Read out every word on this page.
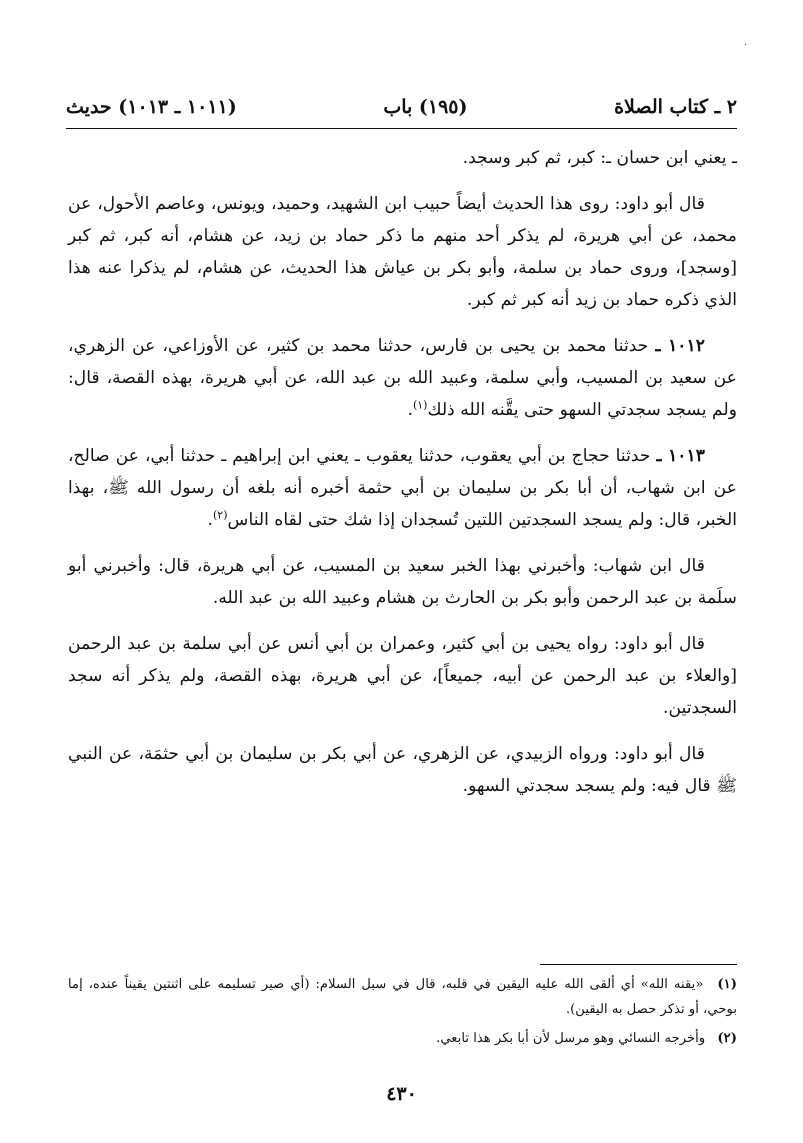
·
٢ ـ كتاب الصلاة
(١٩٥) باب
(١٠١١ ـ ١٠١٣) حديث

ـ يعني ابن حسان ـ: كبر، ثم كبر وسجد.

قال أبو داود: روى هذا الحديث أيضاً حبيب ابن الشهيد، وحميد، ويونس، وعاصم الأحول، عن محمد، عن أبي هريرة، لم يذكر أحد منهم ما ذكر حماد بن زيد، عن هشام، أنه كبر، ثم كبر [وسجد]، وروى حماد بن سلمة، وأبو بكر بن عياش هذا الحديث، عن هشام، لم يذكرا عنه هذا الذي ذكره حماد بن زيد أنه كبر ثم كبر.

١٠١٢ ـ حدثنا محمد بن يحيى بن فارس، حدثنا محمد بن كثير، عن الأوزاعي، عن الزهري، عن سعيد بن المسيب، وأبي سلمة، وعبيد الله بن عبد الله، عن أبي هريرة، بهذه القصة، قال: ولم يسجد سجدتي السهو حتى يقَّنه الله ذلك$^{(١)}$.

١٠١٣ ـ حدثنا حجاج بن أبي يعقوب، حدثنا يعقوب ـ يعني ابن إبراهيم ـ حدثنا أبي، عن صالح، عن ابن شهاب، أن أبا بكر بن سليمان بن أبي حثمة أخبره أنه بلغه أن رسول الله ﷺ، بهذا الخبر، قال: ولم يسجد السجدتين اللتين تُسجدان إذا شك حتى لقاه الناس$^{(٢)}$.

قال ابن شهاب: وأخبرني بهذا الخبر سعيد بن المسيب، عن أبي هريرة، قال: وأخبرني أبو سلَمة بن عبد الرحمن وأبو بكر بن الحارث بن هشام وعبيد الله بن عبد الله.

قال أبو داود: رواه يحيى بن أبي كثير، وعمران بن أبي أنس عن أبي سلمة بن عبد الرحمن [والعلاء بن عبد الرحمن عن أبيه، جميعاً]، عن أبي هريرة، بهذه القصة، ولم يذكر أنه سجد السجدتين.

قال أبو داود: ورواه الزبيدي، عن الزهري، عن أبي بكر بن سليمان بن أبي حثمَة، عن النبي ﷺ قال فيه: ولم يسجد سجدتي السهو.

(١) «يقنه الله» أي ألقى الله عليه اليقين في قلبه، قال في سبل السلام: (أي صير تسليمه على اثنتين يقيناً عنده، إما بوحي، أو تذكر حصل به اليقين).

(٢) وأخرجه النسائي وهو مرسل لأن أبا بكر هذا تابعي.

٤٣٠
